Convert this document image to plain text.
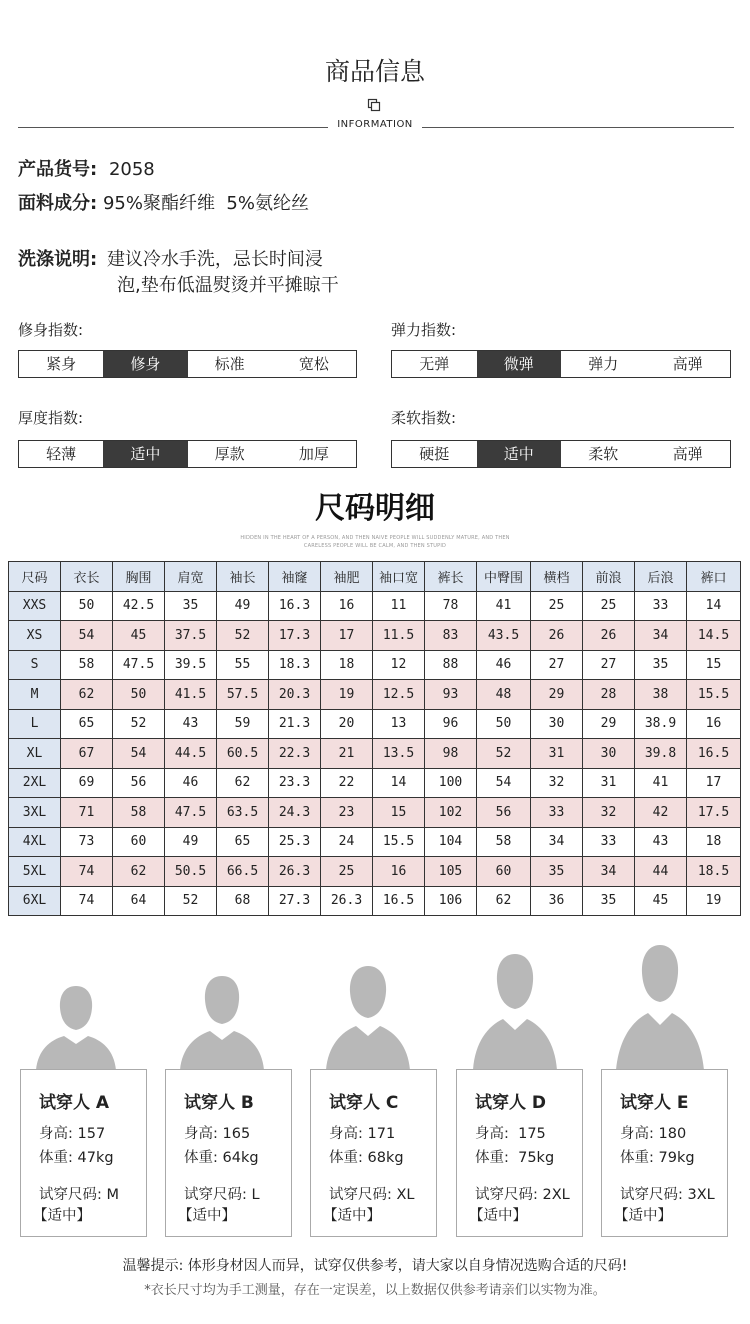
商品信息
INFORMATION
产品货号: 2058
面料成分: 95%聚酯纤维  5%氨纶丝
洗涤说明: 建议冷水手洗，忌长时间浸
泡,垫布低温熨烫并平摊晾干
修身指数:
紧身	修身	标准	宽松
弹力指数:
无弹	微弹	弹力	高弹
厚度指数:
轻薄	适中	厚款	加厚
柔软指数:
硬挺	适中	柔软	高弹
尺码明细
HIDDEN IN THE HEART OF A PERSON, AND THEN NAIVE PEOPLE WILL SUDDENLY MATURE, AND THEN
CARELESS PEOPLE WILL BE CALM, AND THEN STUPID
尺码	衣长	胸围	肩宽	袖长	袖窿	袖肥	袖口宽	裤长	中臀围	横档	前浪	后浪	裤口
XXS	50	42.5	35	49	16.3	16	11	78	41	25	25	33	14
XS	54	45	37.5	52	17.3	17	11.5	83	43.5	26	26	34	14.5
S	58	47.5	39.5	55	18.3	18	12	88	46	27	27	35	15
M	62	50	41.5	57.5	20.3	19	12.5	93	48	29	28	38	15.5
L	65	52	43	59	21.3	20	13	96	50	30	29	38.9	16
XL	67	54	44.5	60.5	22.3	21	13.5	98	52	31	30	39.8	16.5
2XL	69	56	46	62	23.3	22	14	100	54	32	31	41	17
3XL	71	58	47.5	63.5	24.3	23	15	102	56	33	32	42	17.5
4XL	73	60	49	65	25.3	24	15.5	104	58	34	33	43	18
5XL	74	62	50.5	66.5	26.3	25	16	105	60	35	34	44	18.5
6XL	74	64	52	68	27.3	26.3	16.5	106	62	36	35	45	19
试穿人 A
身高: 157
体重: 47kg
试穿尺码: M
【适中】
试穿人 B
身高: 165
体重: 64kg
试穿尺码: L
【适中】
试穿人 C
身高: 171
体重: 68kg
试穿尺码: XL
【适中】
试穿人 D
身高:  175
体重:  75kg
试穿尺码: 2XL
【适中】
试穿人 E
身高: 180
体重: 79kg
试穿尺码: 3XL
【适中】
温馨提示: 体形身材因人而异，试穿仅供参考，请大家以自身情况选购合适的尺码!
*衣长尺寸均为手工测量，存在一定误差，以上数据仅供参考请亲们以实物为准。
